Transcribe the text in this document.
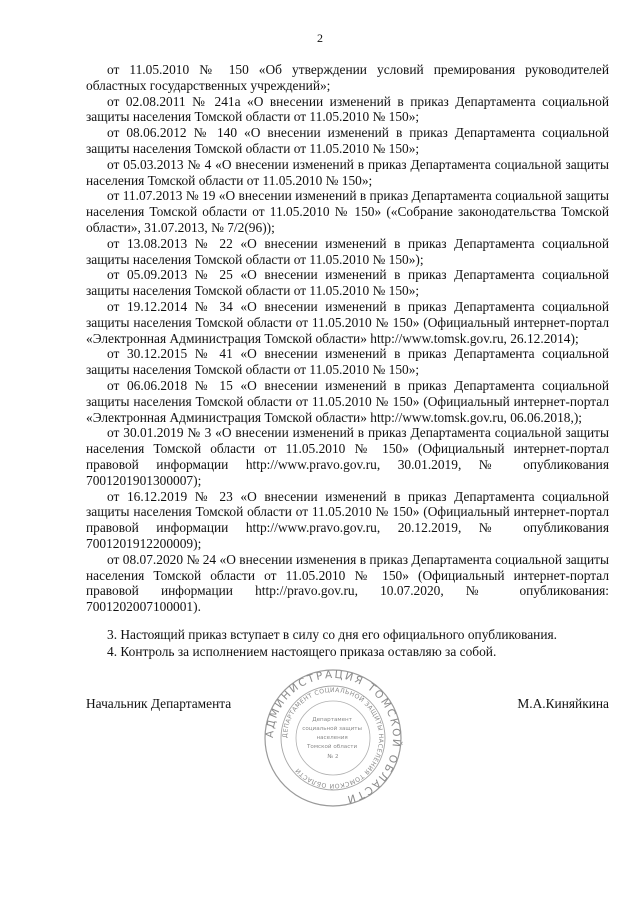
2

от 11.05.2010 № 150 «Об утверждении условий премирования руководителей областных государственных учреждений»;

от 02.08.2011 № 241а «О внесении изменений в приказ Департамента социальной защиты населения Томской области от 11.05.2010 № 150»;

от 08.06.2012 № 140 «О внесении изменений в приказ Департамента социальной защиты населения Томской области от 11.05.2010 № 150»;

от 05.03.2013 № 4 «О внесении изменений в приказ Департамента социальной защиты населения Томской области от 11.05.2010 № 150»;

от 11.07.2013 № 19 «О внесении изменений в приказ Департамента социальной защиты населения Томской области от 11.05.2010 № 150» («Собрание законодательства Томской области», 31.07.2013, № 7/2(96));

от 13.08.2013 № 22 «О внесении изменений в приказ Департамента социальной защиты населения Томской области от 11.05.2010 № 150»);

от 05.09.2013 № 25 «О внесении изменений в приказ Департамента социальной защиты населения Томской области от 11.05.2010 № 150»;

от 19.12.2014 № 34 «О внесении изменений в приказ Департамента социальной защиты населения Томской области от 11.05.2010 № 150» (Официальный интернет-портал «Электронная Администрация Томской области» http://www.tomsk.gov.ru, 26.12.2014);

от 30.12.2015 № 41 «О внесении изменений в приказ Департамента социальной защиты населения Томской области от 11.05.2010 № 150»;

от 06.06.2018 № 15 «О внесении изменений в приказ Департамента социальной защиты населения Томской области от 11.05.2010 № 150» (Официальный интернет-портал «Электронная Администрация Томской области» http://www.tomsk.gov.ru, 06.06.2018,);

от 30.01.2019 № 3 «О внесении изменений в приказ Департамента социальной защиты населения Томской области от 11.05.2010 № 150» (Официальный интернет-портал правовой информации http://www.pravo.gov.ru, 30.01.2019, № опубликования 7001201901300007);

от 16.12.2019 № 23 «О внесении изменений в приказ Департамента социальной защиты населения Томской области от 11.05.2010 № 150» (Официальный интернет-портал правовой информации http://www.pravo.gov.ru, 20.12.2019, № опубликования 7001201912200009);

от 08.07.2020 № 24 «О внесении изменения в приказ Департамента социальной защиты населения Томской области от 11.05.2010 № 150» (Официальный интернет-портал правовой информации http://pravo.gov.ru, 10.07.2020, № опубликования: 7001202007100001).

3. Настоящий приказ вступает в силу со дня его официального опубликования.

4. Контроль за исполнением настоящего приказа оставляю за собой.

Начальник Департамента	М.А.Киняйкина
АДМИНИСТРАЦИЯ ТОМСКОЙ ОБЛАСТИ
ДЕПАРТАМЕНТ СОЦИАЛЬНОЙ ЗАЩИТЫ НАСЕЛЕНИЯ ТОМСКОЙ ОБЛАСТИ
Департамент социальной защиты населения Томской области № 2
